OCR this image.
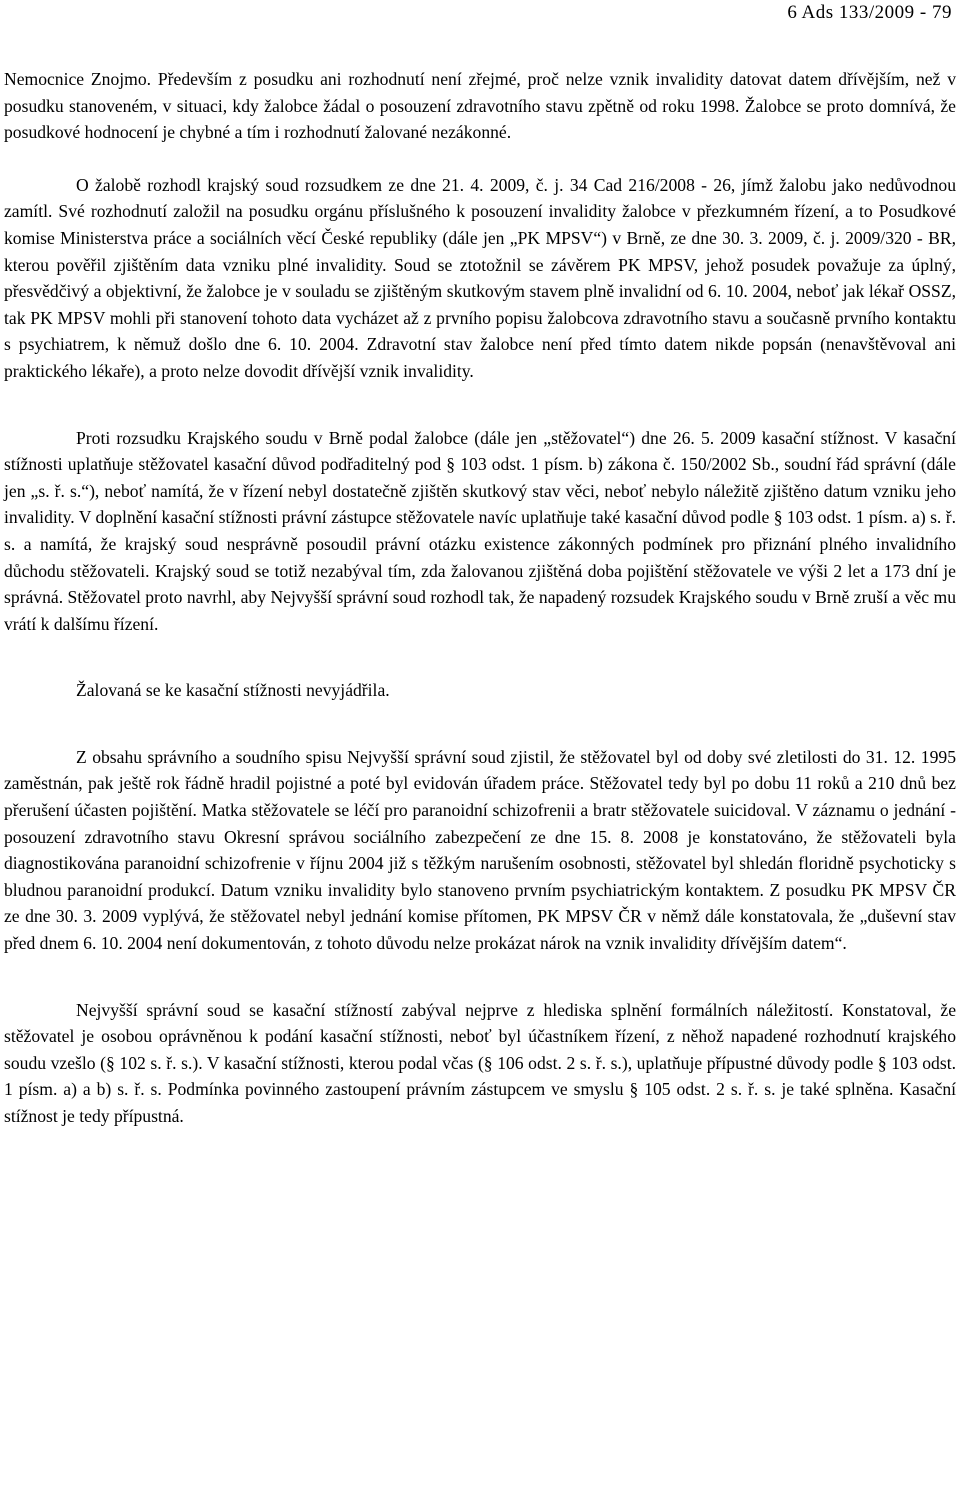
6 Ads 133/2009 - 79

Nemocnice Znojmo. Především z posudku ani rozhodnutí není zřejmé, proč nelze vznik invalidity datovat datem dřívějším, než v posudku stanoveném, v situaci, kdy žalobce žádal o posouzení zdravotního stavu zpětně od roku 1998. Žalobce se proto domnívá, že posudkové hodnocení je chybné a tím i rozhodnutí žalované nezákonné.

O žalobě rozhodl krajský soud rozsudkem ze dne 21. 4. 2009, č. j. 34 Cad 216/2008 - 26, jímž žalobu jako nedůvodnou zamítl. Své rozhodnutí založil na posudku orgánu příslušného k posouzení invalidity žalobce v přezkumném řízení, a to Posudkové komise Ministerstva práce a sociálních věcí České republiky (dále jen „PK MPSV“) v Brně, ze dne 30. 3. 2009, č. j. 2009/320 - BR, kterou pověřil zjištěním data vzniku plné invalidity. Soud se ztotožnil se závěrem PK MPSV, jehož posudek považuje za úplný, přesvědčivý a objektivní, že žalobce je v souladu se zjištěným skutkovým stavem plně invalidní od 6. 10. 2004, neboť jak lékař OSSZ, tak PK MPSV mohli při stanovení tohoto data vycházet až z prvního popisu žalobcova zdravotního stavu a současně prvního kontaktu s psychiatrem, k němuž došlo dne 6. 10. 2004. Zdravotní stav žalobce není před tímto datem nikde popsán (nenavštěvoval ani praktického lékaře), a proto nelze dovodit dřívější vznik invalidity.

Proti rozsudku Krajského soudu v Brně podal žalobce (dále jen „stěžovatel“) dne 26. 5. 2009 kasační stížnost. V kasační stížnosti uplatňuje stěžovatel kasační důvod podřaditelný pod § 103 odst. 1 písm. b) zákona č. 150/2002 Sb., soudní řád správní (dále jen „s. ř. s.“), neboť namítá, že v řízení nebyl dostatečně zjištěn skutkový stav věci, neboť nebylo náležitě zjištěno datum vzniku jeho invalidity. V doplnění kasační stížnosti právní zástupce stěžovatele navíc uplatňuje také kasační důvod podle § 103 odst. 1 písm. a) s. ř. s. a namítá, že krajský soud nesprávně posoudil právní otázku existence zákonných podmínek pro přiznání plného invalidního důchodu stěžovateli. Krajský soud se totiž nezabýval tím, zda žalovanou zjištěná doba pojištění stěžovatele ve výši 2 let a 173 dní je správná. Stěžovatel proto navrhl, aby Nejvyšší správní soud rozhodl tak, že napadený rozsudek Krajského soudu v Brně zruší a věc mu vrátí k dalšímu řízení.

Žalovaná se ke kasační stížnosti nevyjádřila.

Z obsahu správního a soudního spisu Nejvyšší správní soud zjistil, že stěžovatel byl od doby své zletilosti do 31. 12. 1995 zaměstnán, pak ještě rok řádně hradil pojistné a poté byl evidován úřadem práce. Stěžovatel tedy byl po dobu 11 roků a 210 dnů bez přerušení účasten pojištění. Matka stěžovatele se léčí pro paranoidní schizofrenii a bratr stěžovatele suicidoval. V záznamu o jednání - posouzení zdravotního stavu Okresní správou sociálního zabezpečení ze dne 15. 8. 2008 je konstatováno, že stěžovateli byla diagnostikována paranoidní schizofrenie v říjnu 2004 již s těžkým narušením osobnosti, stěžovatel byl shledán floridně psychoticky s bludnou paranoidní produkcí. Datum vzniku invalidity bylo stanoveno prvním psychiatrickým kontaktem. Z posudku PK MPSV ČR ze dne 30. 3. 2009 vyplývá, že stěžovatel nebyl jednání komise přítomen, PK MPSV ČR v němž dále konstatovala, že „duševní stav před dnem 6. 10. 2004 není dokumentován, z tohoto důvodu nelze prokázat nárok na vznik invalidity dřívějším datem“.

Nejvyšší správní soud se kasační stížností zabýval nejprve z hlediska splnění formálních náležitostí. Konstatoval, že stěžovatel je osobou oprávněnou k podání kasační stížnosti, neboť byl účastníkem řízení, z něhož napadené rozhodnutí krajského soudu vzešlo (§ 102 s. ř. s.). V kasační stížnosti, kterou podal včas (§ 106 odst. 2 s. ř. s.), uplatňuje přípustné důvody podle § 103 odst. 1 písm. a) a b) s. ř. s. Podmínka povinného zastoupení právním zástupcem ve smyslu § 105 odst. 2 s. ř. s. je také splněna. Kasační stížnost je tedy přípustná.
